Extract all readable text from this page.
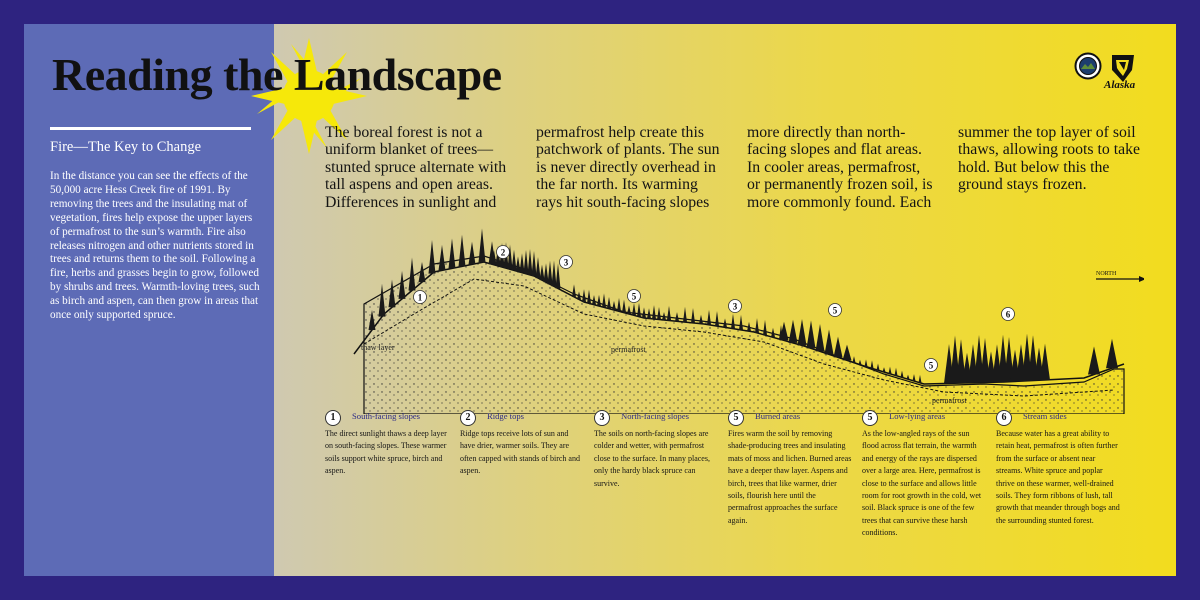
Reading the Landscape
Fire—The Key to Change
In the distance you can see the effects of the 50,000 acre Hess Creek fire of 1991. By removing the trees and the insulating mat of vegetation, fires help expose the upper layers of permafrost to the sun’s warmth. Fire also releases nitrogen and other nutrients stored in trees and returns them to the soil. Following a fire, herbs and grasses begin to grow, followed by shrubs and trees. Warmth-loving trees, such as birch and aspen, can then grow in areas that once only supported spruce.
Alaska
The boreal forest is not a uniform blanket of trees—stunted spruce alternate with tall aspens and open areas. Differences in sunlight and permafrost help create this patchwork of plants. The sun is never directly overhead in the far north. Its warming rays hit south-facing slopes more directly than north-facing slopes and flat areas. In cooler areas, permafrost, or permanently frozen soil, is more commonly found. Each summer the top layer of soil thaws, allowing roots to take hold. But below this the ground stays frozen.
1
2
3
5
3	5
5
6
NORTH
thaw layer	permafrost
permafrost
1	South-facing slopes
The direct sunlight thaws a deep layer on south-facing slopes. These warmer soils support white spruce, birch and aspen.
2	Ridge tops
Ridge tops receive lots of sun and have drier, warmer soils. They are often capped with stands of birch and aspen.
3	North-facing slopes
The soils on north-facing slopes are colder and wetter, with permafrost close to the surface. In many places, only the hardy black spruce can survive.
5	Burned areas
Fires warm the soil by removing shade-producing trees and insulating mats of moss and lichen. Burned areas have a deeper thaw layer. Aspens and birch, trees that like warmer, drier soils, flourish here until the permafrost approaches the surface again.
5	Low-lying areas
As the low-angled rays of the sun flood across flat terrain, the warmth and energy of the rays are dispersed over a large area. Here, permafrost is close to the surface and allows little room for root growth in the cold, wet soil. Black spruce is one of the few trees that can survive these harsh conditions.
6	Stream sides
Because water has a great ability to retain heat, permafrost is often further from the surface or absent near streams. White spruce and poplar thrive on these warmer, well-drained soils. They form ribbons of lush, tall growth that meander through bogs and the surrounding stunted forest.
